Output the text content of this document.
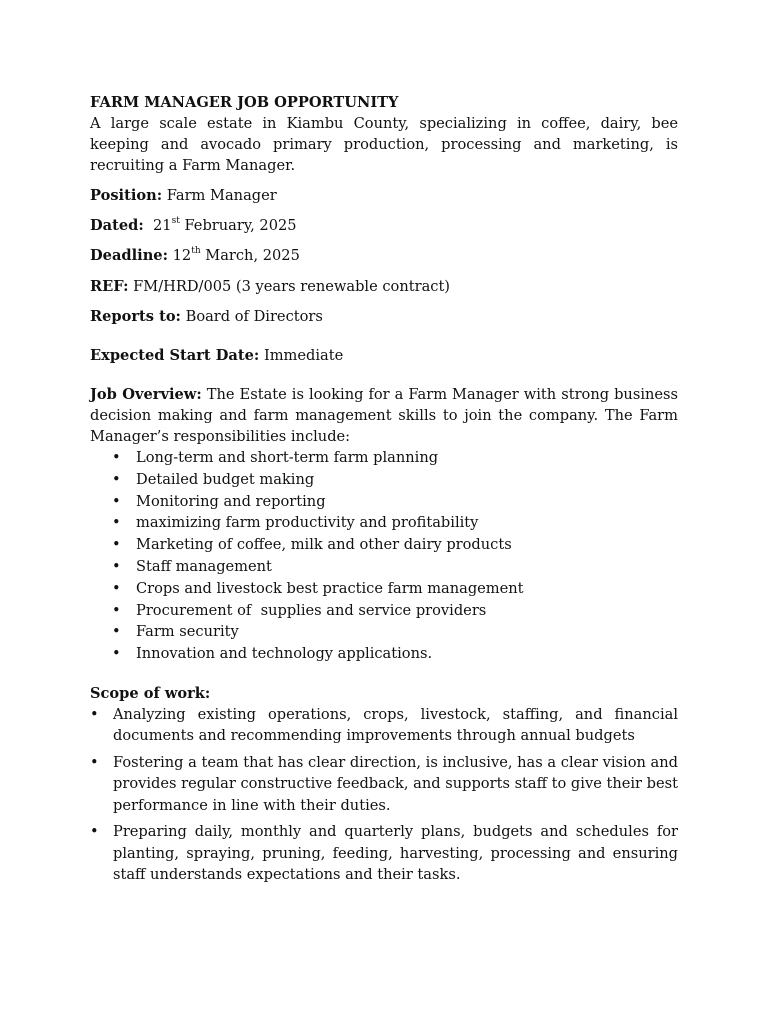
FARM MANAGER JOB OPPORTUNITY

A large scale estate in Kiambu County, specializing in coffee, dairy, bee keeping and avocado primary production, processing and marketing, is recruiting a Farm Manager.

Position: Farm Manager

Dated: 21st February, 2025

Deadline: 12th March, 2025

REF: FM/HRD/005 (3 years renewable contract)

Reports to: Board of Directors

Expected Start Date: Immediate

Job Overview: The Estate is looking for a Farm Manager with strong business decision making and farm management skills to join the company. The Farm Manager’s responsibilities include:

• Long-term and short-term farm planning
• Detailed budget making
• Monitoring and reporting
• maximizing farm productivity and profitability
• Marketing of coffee, milk and other dairy products
• Staff management
• Crops and livestock best practice farm management
• Procurement of  supplies and service providers
• Farm security
• Innovation and technology applications.

Scope of work:

• Analyzing existing operations, crops, livestock, staffing, and financial documents and recommending improvements through annual budgets
• Fostering a team that has clear direction, is inclusive, has a clear vision and provides regular constructive feedback, and supports staff to give their best performance in line with their duties.
• Preparing daily, monthly and quarterly plans, budgets and schedules for planting, spraying, pruning, feeding, harvesting, processing and ensuring staff understands expectations and their tasks.
